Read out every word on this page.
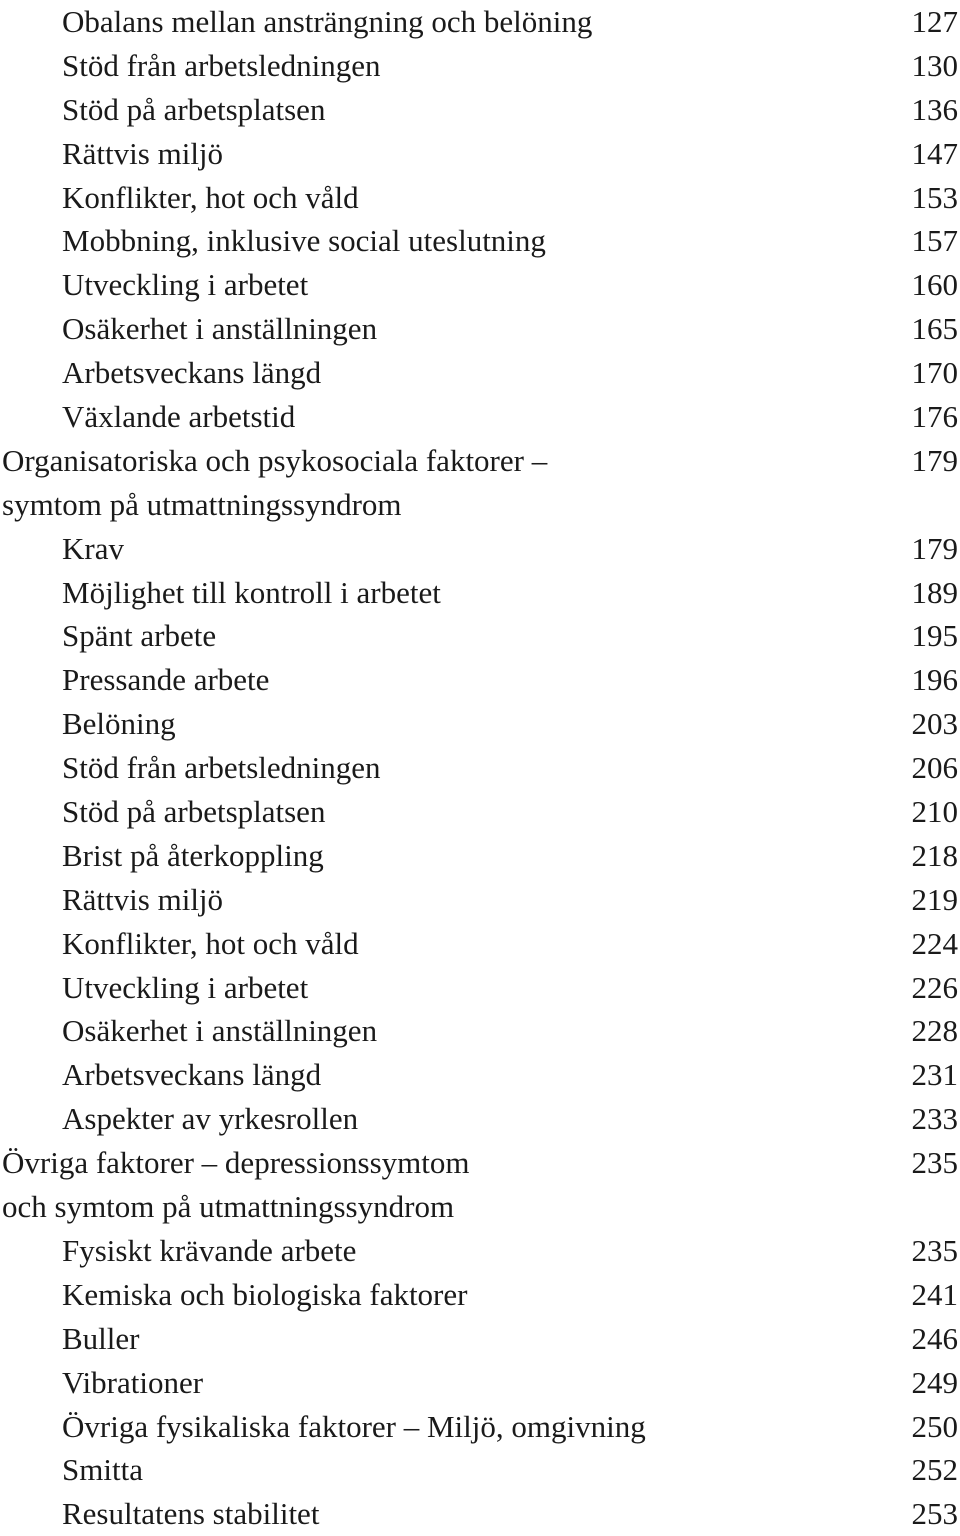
Obalans mellan ansträngning och belöning	127
Stöd från arbetsledningen	130
Stöd på arbetsplatsen	136
Rättvis miljö	147
Konflikter, hot och våld	153
Mobbning, inklusive social uteslutning	157
Utveckling i arbetet	160
Osäkerhet i anställningen	165
Arbetsveckans längd	170
Växlande arbetstid	176
Organisatoriska och psykosociala faktorer –	179
symtom på utmattningssyndrom
Krav	179
Möjlighet till kontroll i arbetet	189
Spänt arbete	195
Pressande arbete	196
Belöning	203
Stöd från arbetsledningen	206
Stöd på arbetsplatsen	210
Brist på återkoppling	218
Rättvis miljö	219
Konflikter, hot och våld	224
Utveckling i arbetet	226
Osäkerhet i anställningen	228
Arbetsveckans längd	231
Aspekter av yrkesrollen	233
Övriga faktorer – depressionssymtom	235
och symtom på utmattningssyndrom
Fysiskt krävande arbete	235
Kemiska och biologiska faktorer	241
Buller	246
Vibrationer	249
Övriga fysikaliska faktorer – Miljö, omgivning	250
Smitta	252
Resultatens stabilitet	253
